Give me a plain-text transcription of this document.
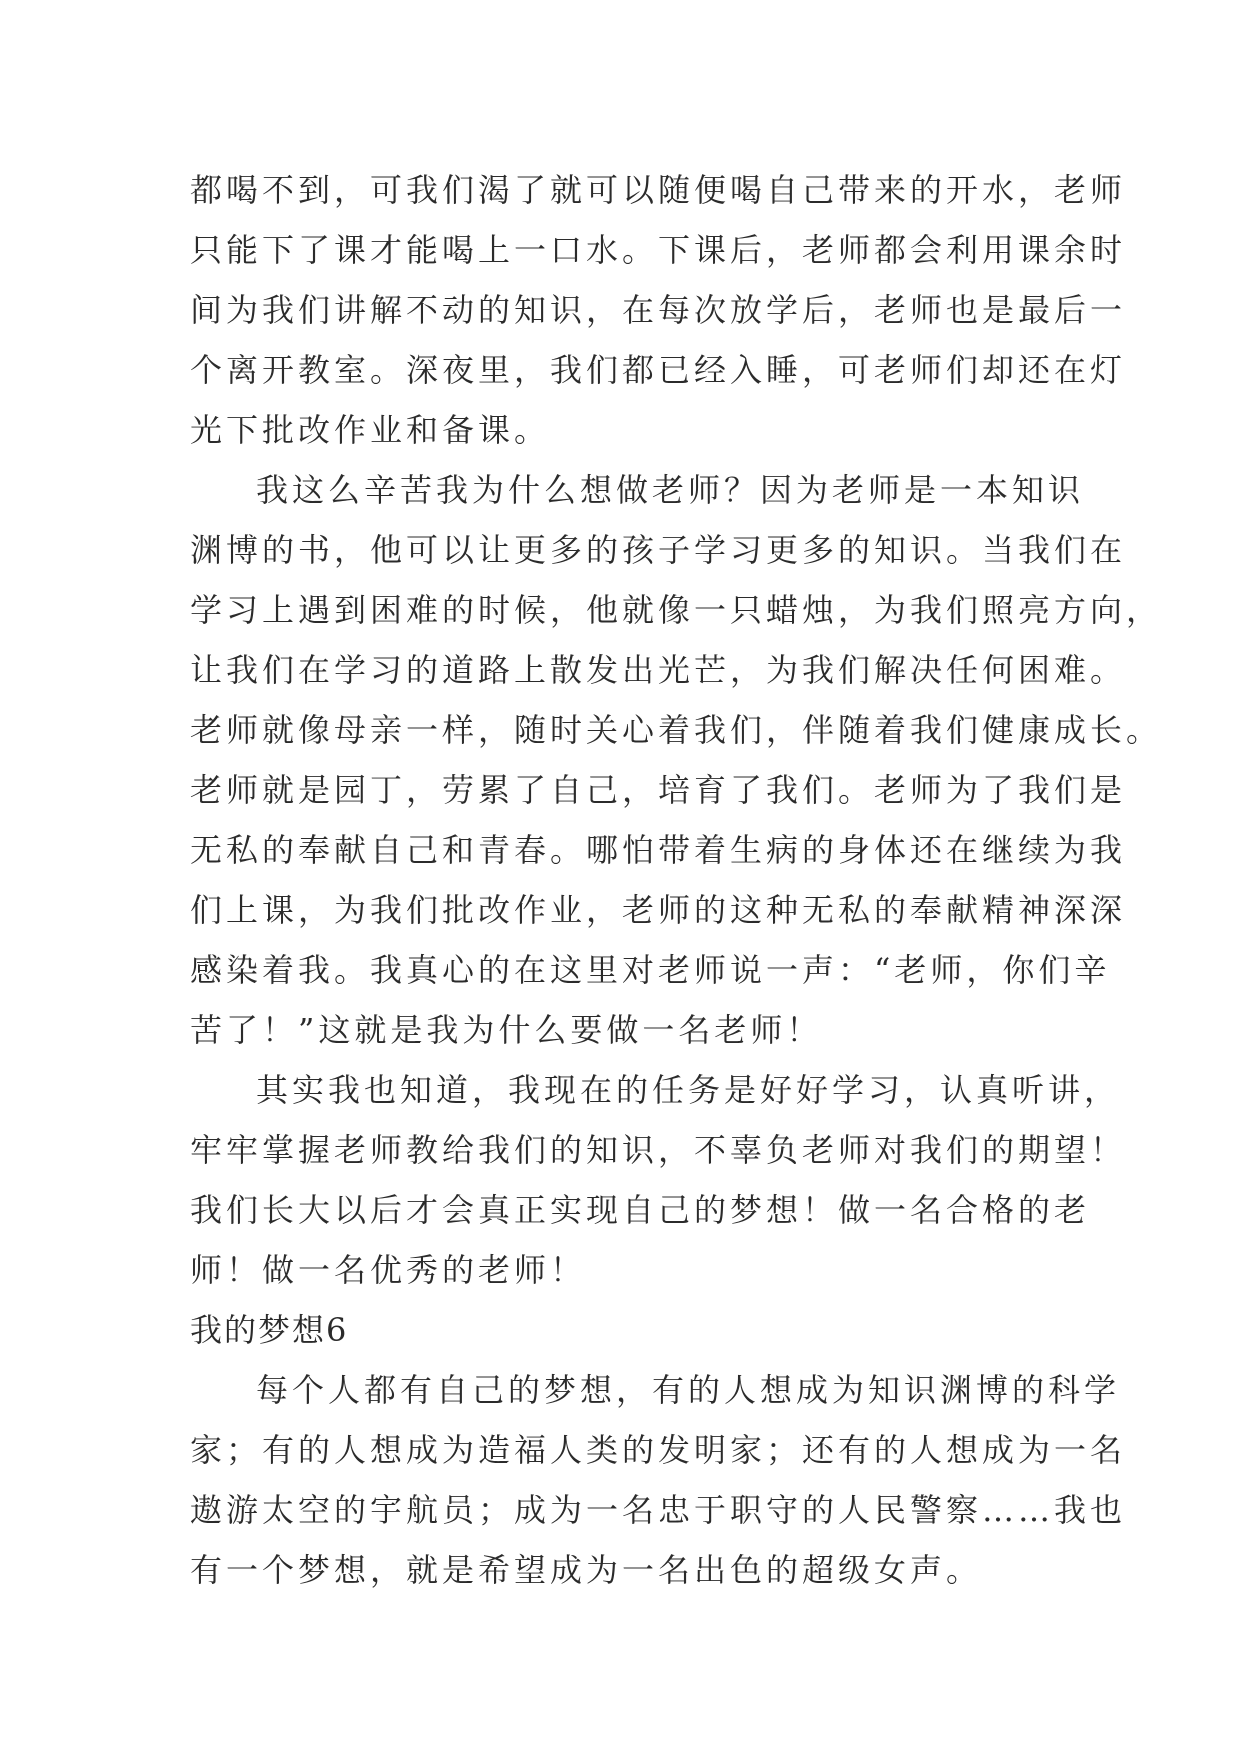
都喝不到，可我们渴了就可以随便喝自己带来的开水，老师
只能下了课才能喝上一口水。下课后，老师都会利用课余时
间为我们讲解不动的知识，在每次放学后，老师也是最后一
个离开教室。深夜里，我们都已经入睡，可老师们却还在灯
光下批改作业和备课。
我这么辛苦我为什么想做老师？因为老师是一本知识
渊博的书，他可以让更多的孩子学习更多的知识。当我们在
学习上遇到困难的时候，他就像一只蜡烛，为我们照亮方向，
让我们在学习的道路上散发出光芒，为我们解决任何困难。
老师就像母亲一样，随时关心着我们，伴随着我们健康成长。
老师就是园丁，劳累了自己，培育了我们。老师为了我们是
无私的奉献自己和青春。哪怕带着生病的身体还在继续为我
们上课，为我们批改作业，老师的这种无私的奉献精神深深
感染着我。我真心的在这里对老师说一声：“老师，你们辛
苦了！”这就是我为什么要做一名老师！
其实我也知道，我现在的任务是好好学习，认真听讲，
牢牢掌握老师教给我们的知识，不辜负老师对我们的期望！
我们长大以后才会真正实现自己的梦想！做一名合格的老
师！做一名优秀的老师！
我的梦想6
每个人都有自己的梦想，有的人想成为知识渊博的科学
家；有的人想成为造福人类的发明家；还有的人想成为一名
遨游太空的宇航员；成为一名忠于职守的人民警察……我也
有一个梦想，就是希望成为一名出色的超级女声。
